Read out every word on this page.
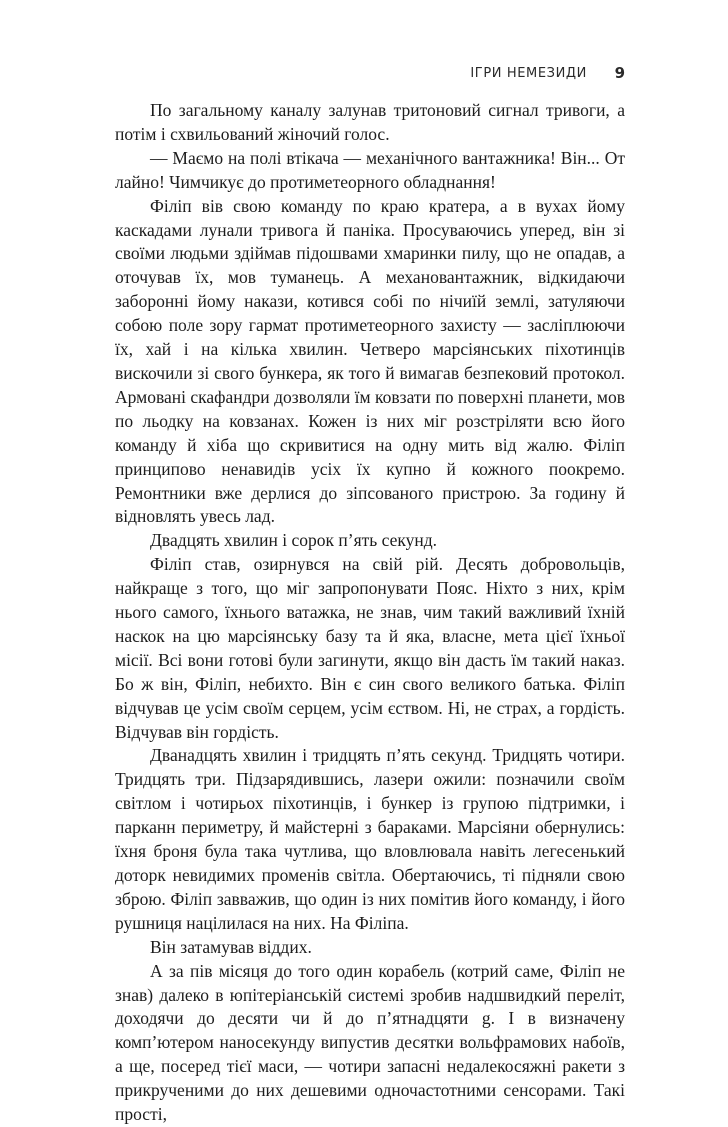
ІГРИ НЕМЕЗИДИ 9

По загальному каналу залунав тритоновий сигнал тривоги, а потім і схвильований жіночий голос.

— Маємо на полі втікача — механічного вантажника! Він... От лайно! Чимчикує до протиметеорного обладнання!

Філіп вів свою команду по краю кратера, а в вухах йому каскадами лунали тривога й паніка. Просуваючись уперед, він зі своїми людьми здіймав підошвами хмаринки пилу, що не опадав, а оточував їх, мов туманець. А механовантажник, відкидаючи заборонні йому накази, котився собі по нічиїй землі, затуляючи собою поле зору гармат протиметеорного захисту — засліплюючи їх, хай і на кілька хвилин. Четверо марсіянських піхотинців вискочили зі свого бункера, як того й вимагав безпековий протокол. Армовані скафандри дозволяли їм ковзати по поверхні планети, мов по льодку на ковзанах. Кожен із них міг розстріляти всю його команду й хіба що скривитися на одну мить від жалю. Філіп принципово ненавидів усіх їх купно й кожного поокремо. Ремонтники вже дерлися до зіпсованого пристрою. За годину й відновлять увесь лад.

Двадцять хвилин і сорок п’ять секунд.

Філіп став, озирнувся на свій рій. Десять добровольців, найкраще з того, що міг запропонувати Пояс. Ніхто з них, крім нього самого, їхнього ватажка, не знав, чим такий важливий їхній наскок на цю марсіянську базу та й яка, власне, мета цієї їхньої місії. Всі вони готові були загинути, якщо він дасть їм такий наказ. Бо ж він, Філіп, небихто. Він є син свого великого батька. Філіп відчував це усім своїм серцем, усім єством. Ні, не страх, а гордість. Відчував він гордість.

Дванадцять хвилин і тридцять п’ять секунд. Тридцять чотири. Тридцять три. Підзарядившись, лазери ожили: позначили своїм світлом і чотирьох піхотинців, і бункер із групою підтримки, і парканн периметру, й майстерні з бараками. Марсіяни обернулись: їхня броня була така чутлива, що вловлювала навіть легесенький доторк невидимих променів світла. Обертаючись, ті підняли свою зброю. Філіп завважив, що один із них помітив його команду, і його рушниця націлилася на них. На Філіпа.

Він затамував віддих.

А за пів місяця до того один корабель (котрий саме, Філіп не знав) далеко в юпітеріанській системі зробив надшвидкий переліт, доходячи до десяти чи й до п’ятнадцяти g. І в визначену комп’ютером наносекунду випустив десятки вольфрамових набоїв, а ще, посеред тієї маси, — чотири запасні недалекосяжні ракети з прикрученими до них дешевими одночастотними сенсорами. Такі прості,
